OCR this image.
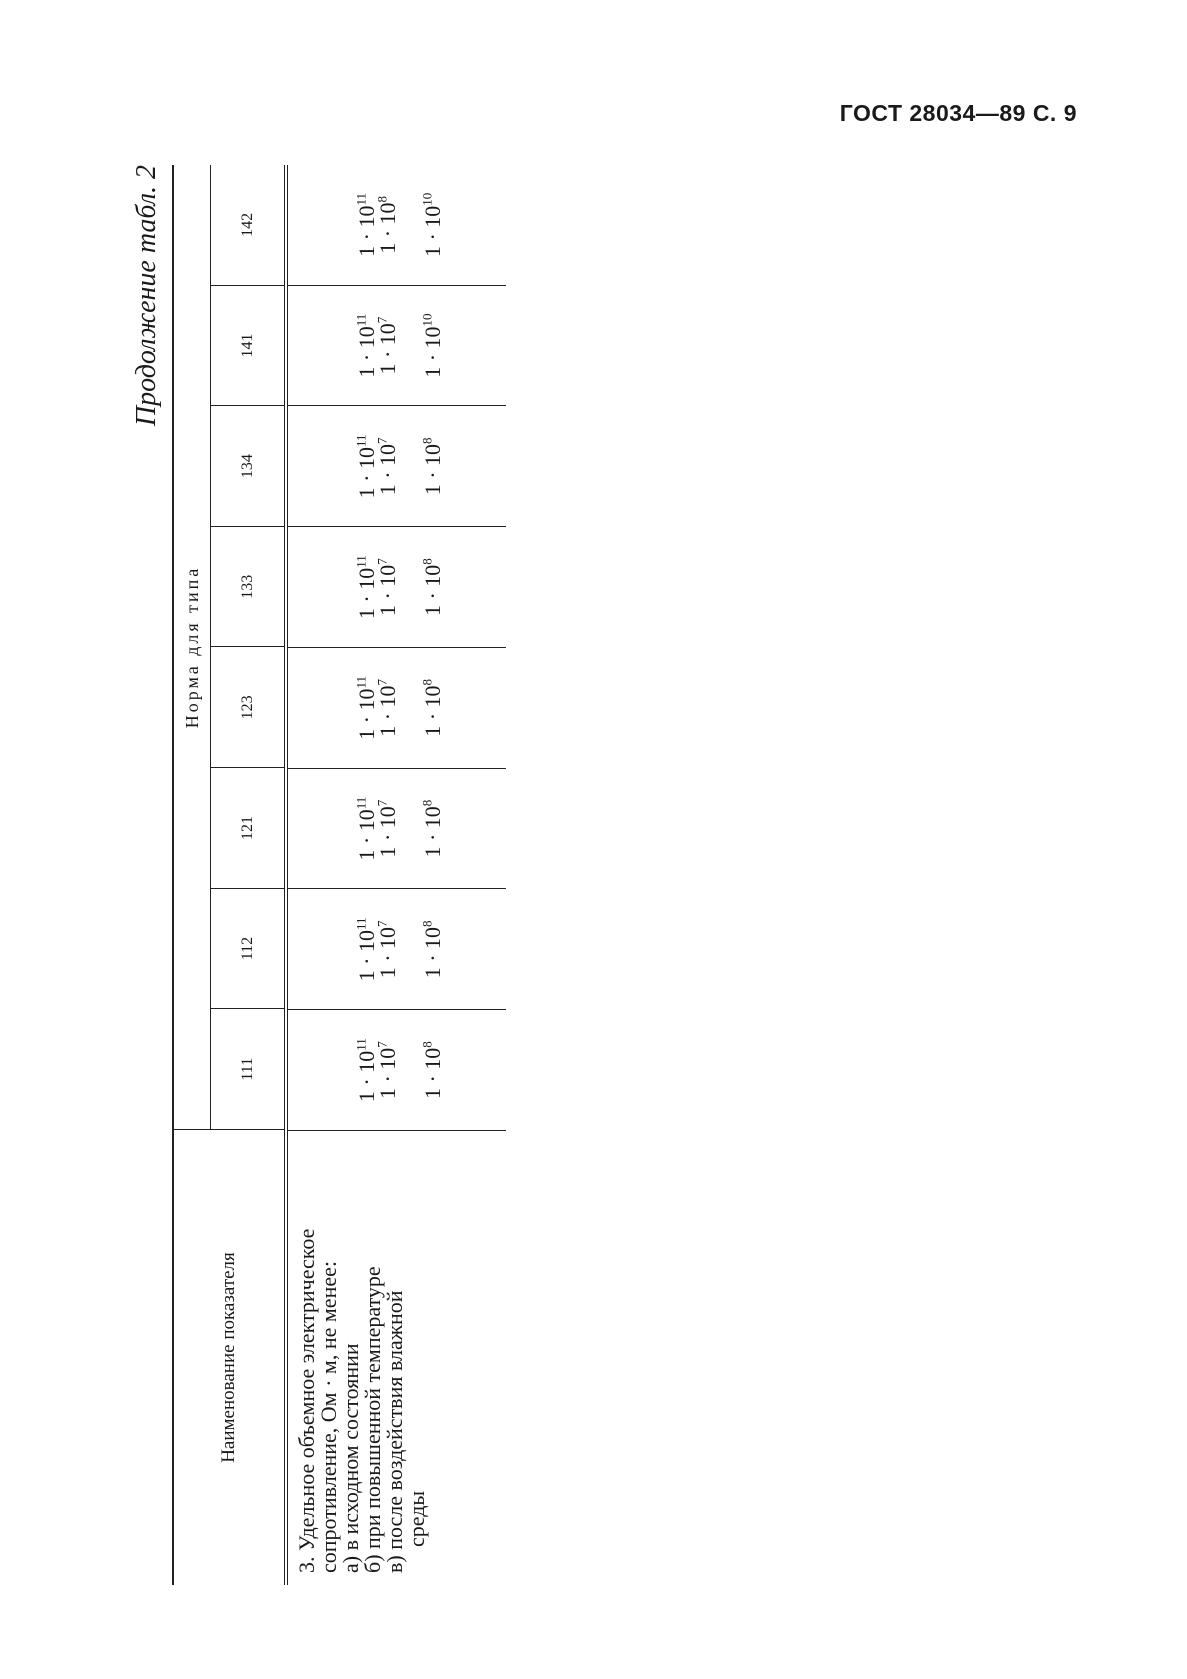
ГОСТ 28034—89 С. 9
Продолжение табл. 2
Наименование показателя
Норма для типа
111
112
121
123
133
134
141
142
3. Удельное объемное электрическое
сопротивление, Ом · м, не менее:
а) в исходном состоянии
б) при повышенной температуре
в) после воздействия влажной
среды
$1 \cdot 10^{11}$
$1 \cdot 10^7$
$1 \cdot 10^8$
$1 \cdot 10^{11}$
$1 \cdot 10^7$
$1 \cdot 10^8$
$1 \cdot 10^{11}$
$1 \cdot 10^7$
$1 \cdot 10^8$
$1 \cdot 10^{11}$
$1 \cdot 10^7$
$1 \cdot 10^8$
$1 \cdot 10^{11}$
$1 \cdot 10^7$
$1 \cdot 10^8$
$1 \cdot 10^{11}$
$1 \cdot 10^7$
$1 \cdot 10^8$
$1 \cdot 10^{11}$
$1 \cdot 10^7$
$1 \cdot 10^{10}$
$1 \cdot 10^{11}$
$1 \cdot 10^8$
$1 \cdot 10^{10}$
